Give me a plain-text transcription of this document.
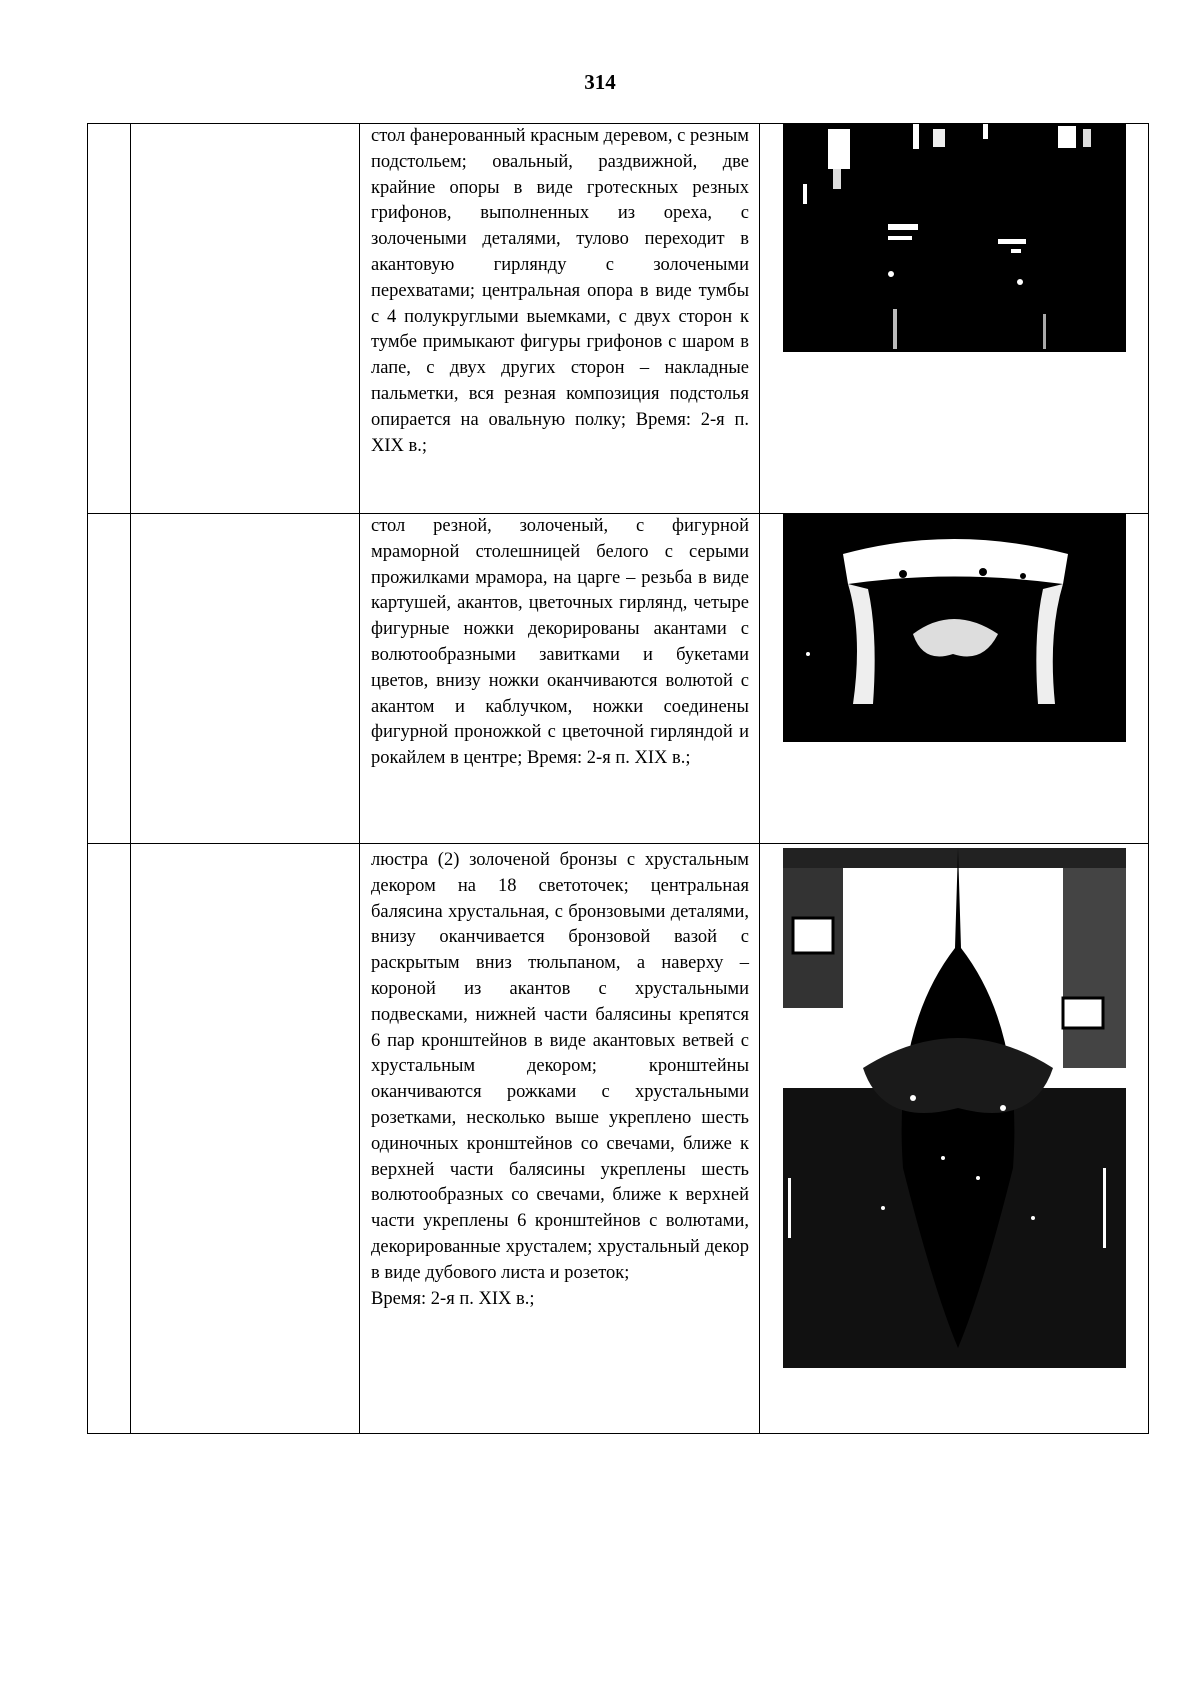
314

		стол фанерованный красным деревом, с резным подстольем; овальный, раздвижной, две крайние опоры в виде гротескных резных грифонов, выполненных из ореха, с золочеными деталями, тулово переходит в акантовую гирлянду с золочеными перехватами; центральная опора в виде тумбы с 4 полукруглыми выемками, с двух сторон к тумбе примыкают фигуры грифонов с шаром в лапе, с двух других сторон – накладные пальметки, вся резная композиция подстолья опирается на овальную полку; Время: 2-я п. XIX в.;

		стол резной, золоченый, с фигурной мраморной столешницей белого с серыми прожилками мрамора, на царге – резьба в виде картушей, акантов, цветочных гирлянд, четыре фигурные ножки декорированы акантами с волютообразными завитками и букетами цветов, внизу ножки оканчиваются волютой с акантом и каблучком, ножки соединены фигурной проножкой с цветочной гирляндой и рокайлем в центре; Время: 2-я п. XIX в.;

		люстра (2) золоченой бронзы с хрустальным декором на 18 светоточек; центральная балясина хрустальная, с бронзовыми деталями, внизу оканчивается бронзовой вазой с раскрытым вниз тюльпаном, а наверху – короной из акантов с хрустальными подвесками, нижней части балясины крепятся 6 пар кронштейнов в виде акантовых ветвей с хрустальным декором; кронштейны оканчиваются рожками с хрустальными розетками, несколько выше укреплено шесть одиночных кронштейнов со свечами, ближе к верхней части балясины укреплены шесть волютообразных со свечами, ближе к верхней части укреплены 6 кронштейнов с волютами, декорированные хрусталем; хрустальный декор в виде дубового листа и розеток;
Время: 2-я п. XIX в.;
